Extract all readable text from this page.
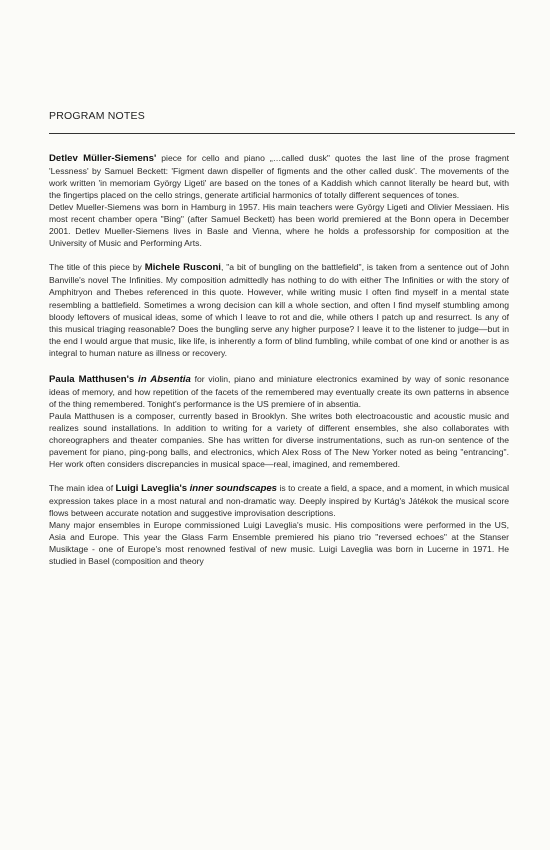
PROGRAM NOTES

Detlev Müller-Siemens' piece for cello and piano „…called dusk" quotes the last line of the prose fragment 'Lessness' by Samuel Beckett: 'Figment dawn dispeller of figments and the other called dusk'. The movements of the work written 'in memoriam György Ligeti' are based on the tones of a Kaddish which cannot literally be heard but, with the fingertips placed on the cello strings, generate artificial harmonics of totally different sequences of tones.

Detlev Mueller-Siemens was born in Hamburg in 1957. His main teachers were György Ligeti and Olivier Messiaen. His most recent chamber opera "Bing" (after Samuel Beckett) has been world premiered at the Bonn opera in December 2001. Detlev Mueller-Siemens lives in Basle and Vienna, where he holds a professorship for composition at the University of Music and Performing Arts.

The title of this piece by Michele Rusconi, "a bit of bungling on the battlefield", is taken from a sentence out of John Banville's novel The Infinities. My composition admittedly has nothing to do with either The Infinities or with the story of Amphitryon and Thebes referenced in this quote. However, while writing music I often find myself in a mental state resembling a battlefield. Sometimes a wrong decision can kill a whole section, and often I find myself stumbling among bloody leftovers of musical ideas, some of which I leave to rot and die, while others I patch up and resurrect. Is any of this musical triaging reasonable? Does the bungling serve any higher purpose? I leave it to the listener to judge—but in the end I would argue that music, like life, is inherently a form of blind fumbling, while combat of one kind or another is as integral to human nature as illness or recovery.

Paula Matthusen's in Absentia for violin, piano and miniature electronics examined by way of sonic resonance ideas of memory, and how repetition of the facets of the remembered may eventually create its own patterns in absence of the thing remembered. Tonight's performance is the US premiere of in absentia.

Paula Matthusen is a composer, currently based in Brooklyn. She writes both electroacoustic and acoustic music and realizes sound installations. In addition to writing for a variety of different ensembles, she also collaborates with choreographers and theater companies. She has written for diverse instrumentations, such as run-on sentence of the pavement for piano, ping-pong balls, and electronics, which Alex Ross of The New Yorker noted as being "entrancing". Her work often considers discrepancies in musical space—real, imagined, and remembered.

The main idea of Luigi Laveglia's inner soundscapes is to create a field, a space, and a moment, in which musical expression takes place in a most natural and non-dramatic way. Deeply inspired by Kurtág's Játékok the musical score flows between accurate notation and suggestive improvisation descriptions.

Many major ensembles in Europe commissioned Luigi Laveglia's music. His compositions were performed in the US, Asia and Europe. This year the Glass Farm Ensemble premiered his piano trio "reversed echoes" at the Stanser Musiktage - one of Europe's most renowned festival of new music. Luigi Laveglia was born in Lucerne in 1971. He studied in Basel (composition and theory
